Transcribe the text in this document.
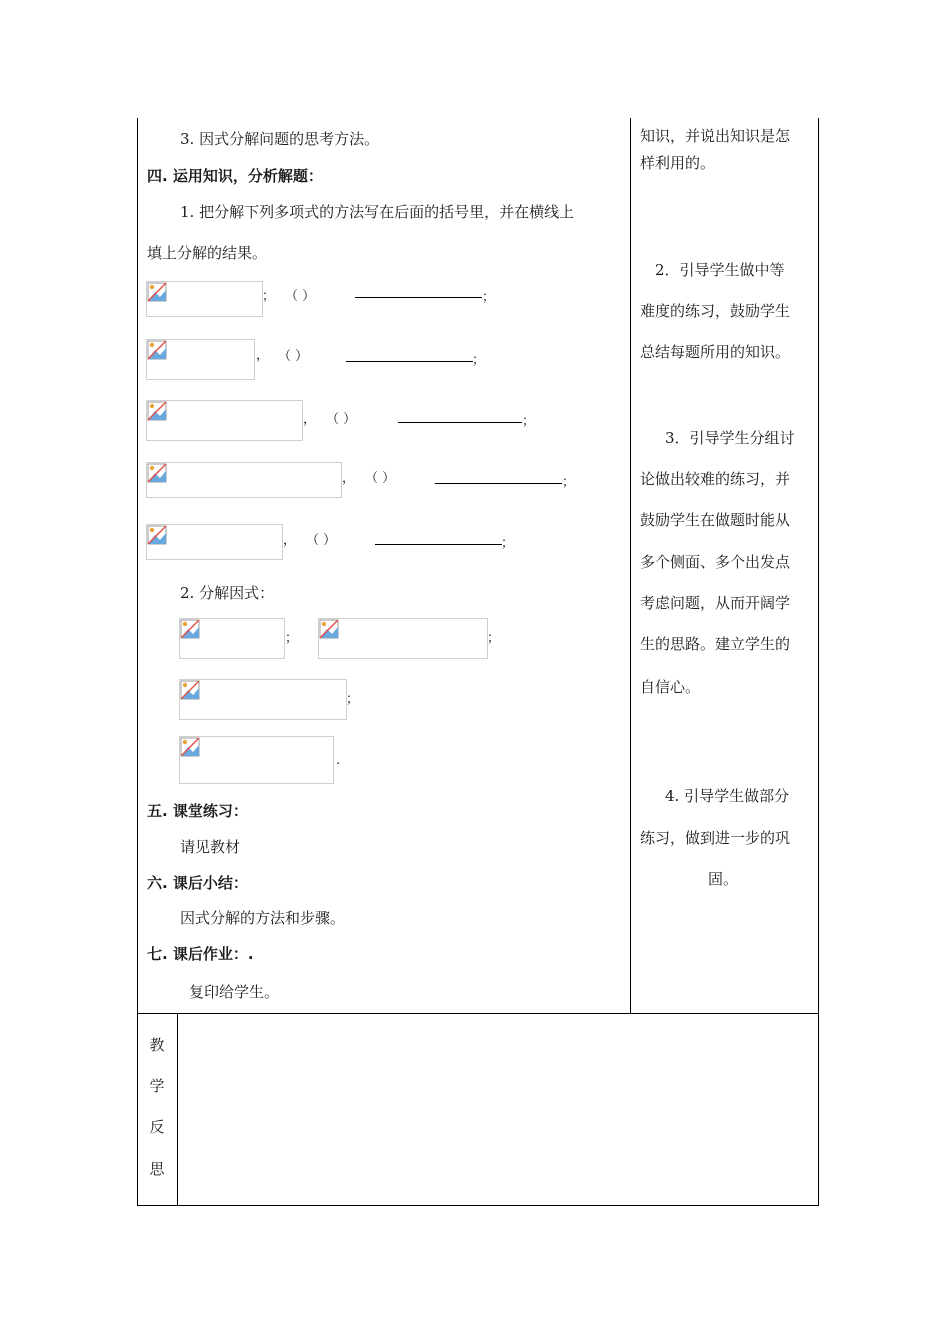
3. 因式分解问题的思考方法。
四. 运用知识，分析解题：
1. 把分解下列多项式的方法写在后面的括号里，并在横线上
填上分解的结果。
； （ ）	；
， （ ）	；
， （ ）	；
， （ ）	；
， （ ）	；
2. 分解因式：
；	；
；
.
五. 课堂练习：
请见教材
六. 课后小结：
因式分解的方法和步骤。
七. 课后作业：.
复印给学生。
知识，并说出知识是怎
样利用的。
2．引导学生做中等
难度的练习，鼓励学生
总结每题所用的知识。
3．引导学生分组讨
论做出较难的练习，并
鼓励学生在做题时能从
多个侧面、多个出发点
考虑问题，从而开阔学
生的思路。建立学生的
自信心。
4. 引导学生做部分
练习，做到进一步的巩
固。
教
学
反
思
